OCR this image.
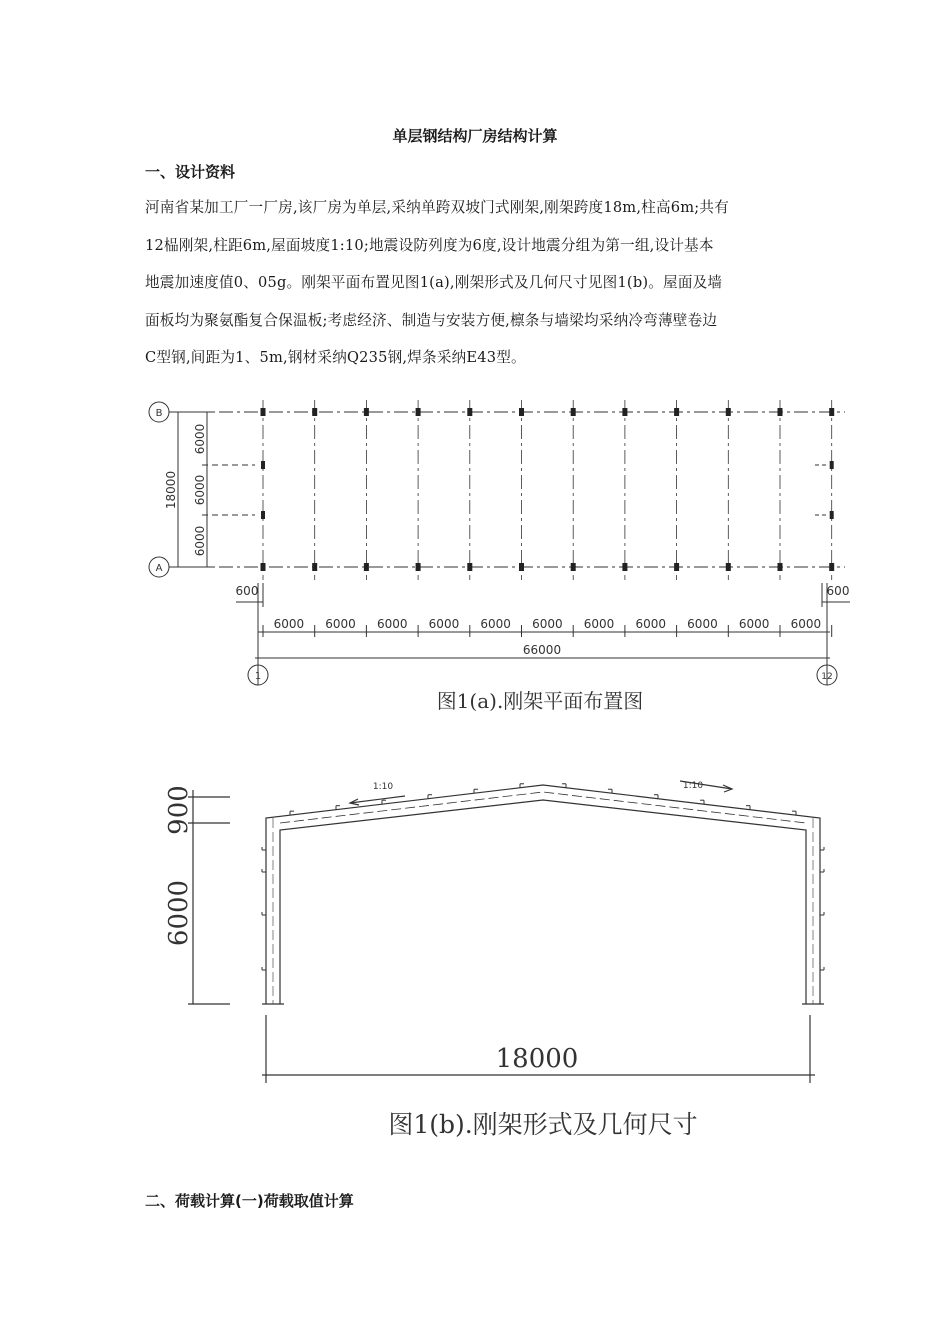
单层钢结构厂房结构计算
一、设计资料
河南省某加工厂一厂房,该厂房为单层,采纳单跨双坡门式刚架,刚架跨度18m,柱高6m;共有
12榀刚架,柱距6m,屋面坡度1:10;地震设防列度为6度,设计地震分组为第一组,设计基本
地震加速度值0、05g。刚架平面布置见图1(a),刚架形式及几何尺寸见图1(b)。屋面及墙
面板均为聚氨酯复合保温板;考虑经济、制造与安装方便,檩条与墙梁均采纳冷弯薄壁卷边
C型钢,间距为1、5m,钢材采纳Q235钢,焊条采纳E43型。
B
A
1	12
6000
6000
6000
18000
600	600
6000 6000 6000 6000 6000 6000 6000 6000 6000 6000 6000
66000
图1(a).刚架平面布置图
900
6000
18000
1:10	1:10
图1(b).刚架形式及几何尺寸
二、荷载计算(一)荷载取值计算
